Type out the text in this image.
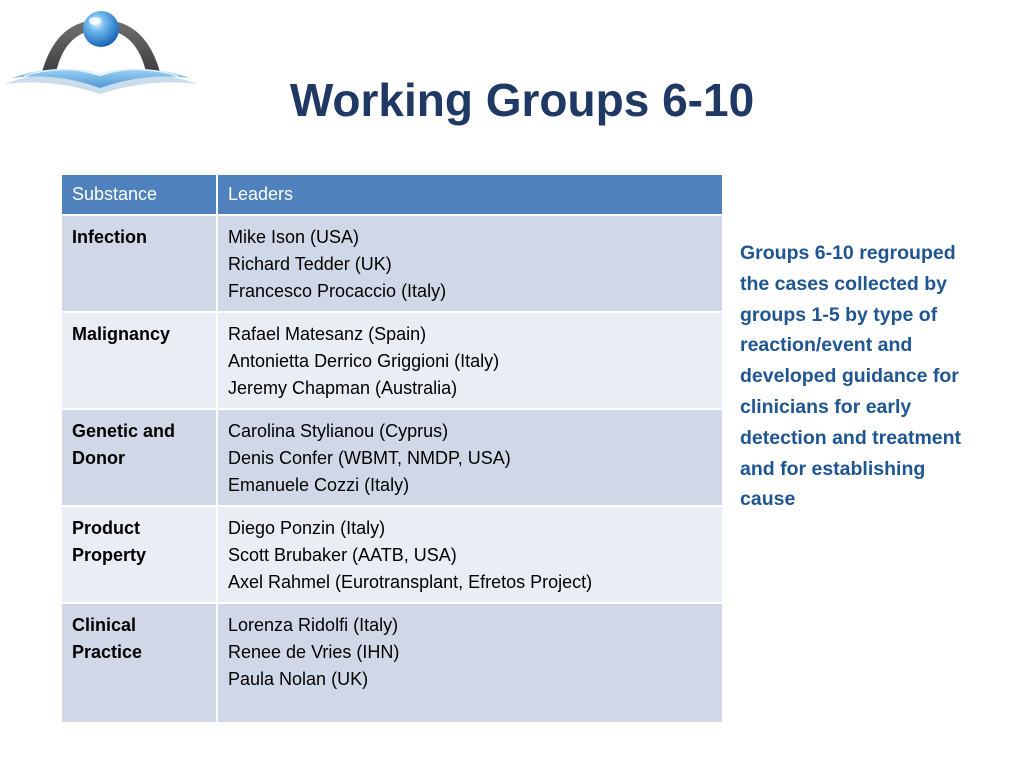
Working Groups 6-10
Substance	Leaders
Infection	Mike Ison (USA)
Richard Tedder (UK)
Francesco Procaccio (Italy)

Malignancy	Rafael Matesanz (Spain)
Antonietta Derrico Griggioni (Italy)
Jeremy Chapman (Australia)

Genetic and Donor	Carolina Stylianou (Cyprus)
Denis Confer (WBMT, NMDP, USA)
Emanuele Cozzi (Italy)

Product Property	Diego Ponzin (Italy)
Scott Brubaker (AATB, USA)
Axel Rahmel (Eurotransplant, Efretos Project)

Clinical Practice	Lorenza Ridolfi (Italy)
Renee de Vries (IHN)
Paula Nolan (UK)

Groups 6-10 regrouped the cases collected by groups 1-5 by type of reaction/event and developed guidance for clinicians for early detection and treatment and for establishing cause
